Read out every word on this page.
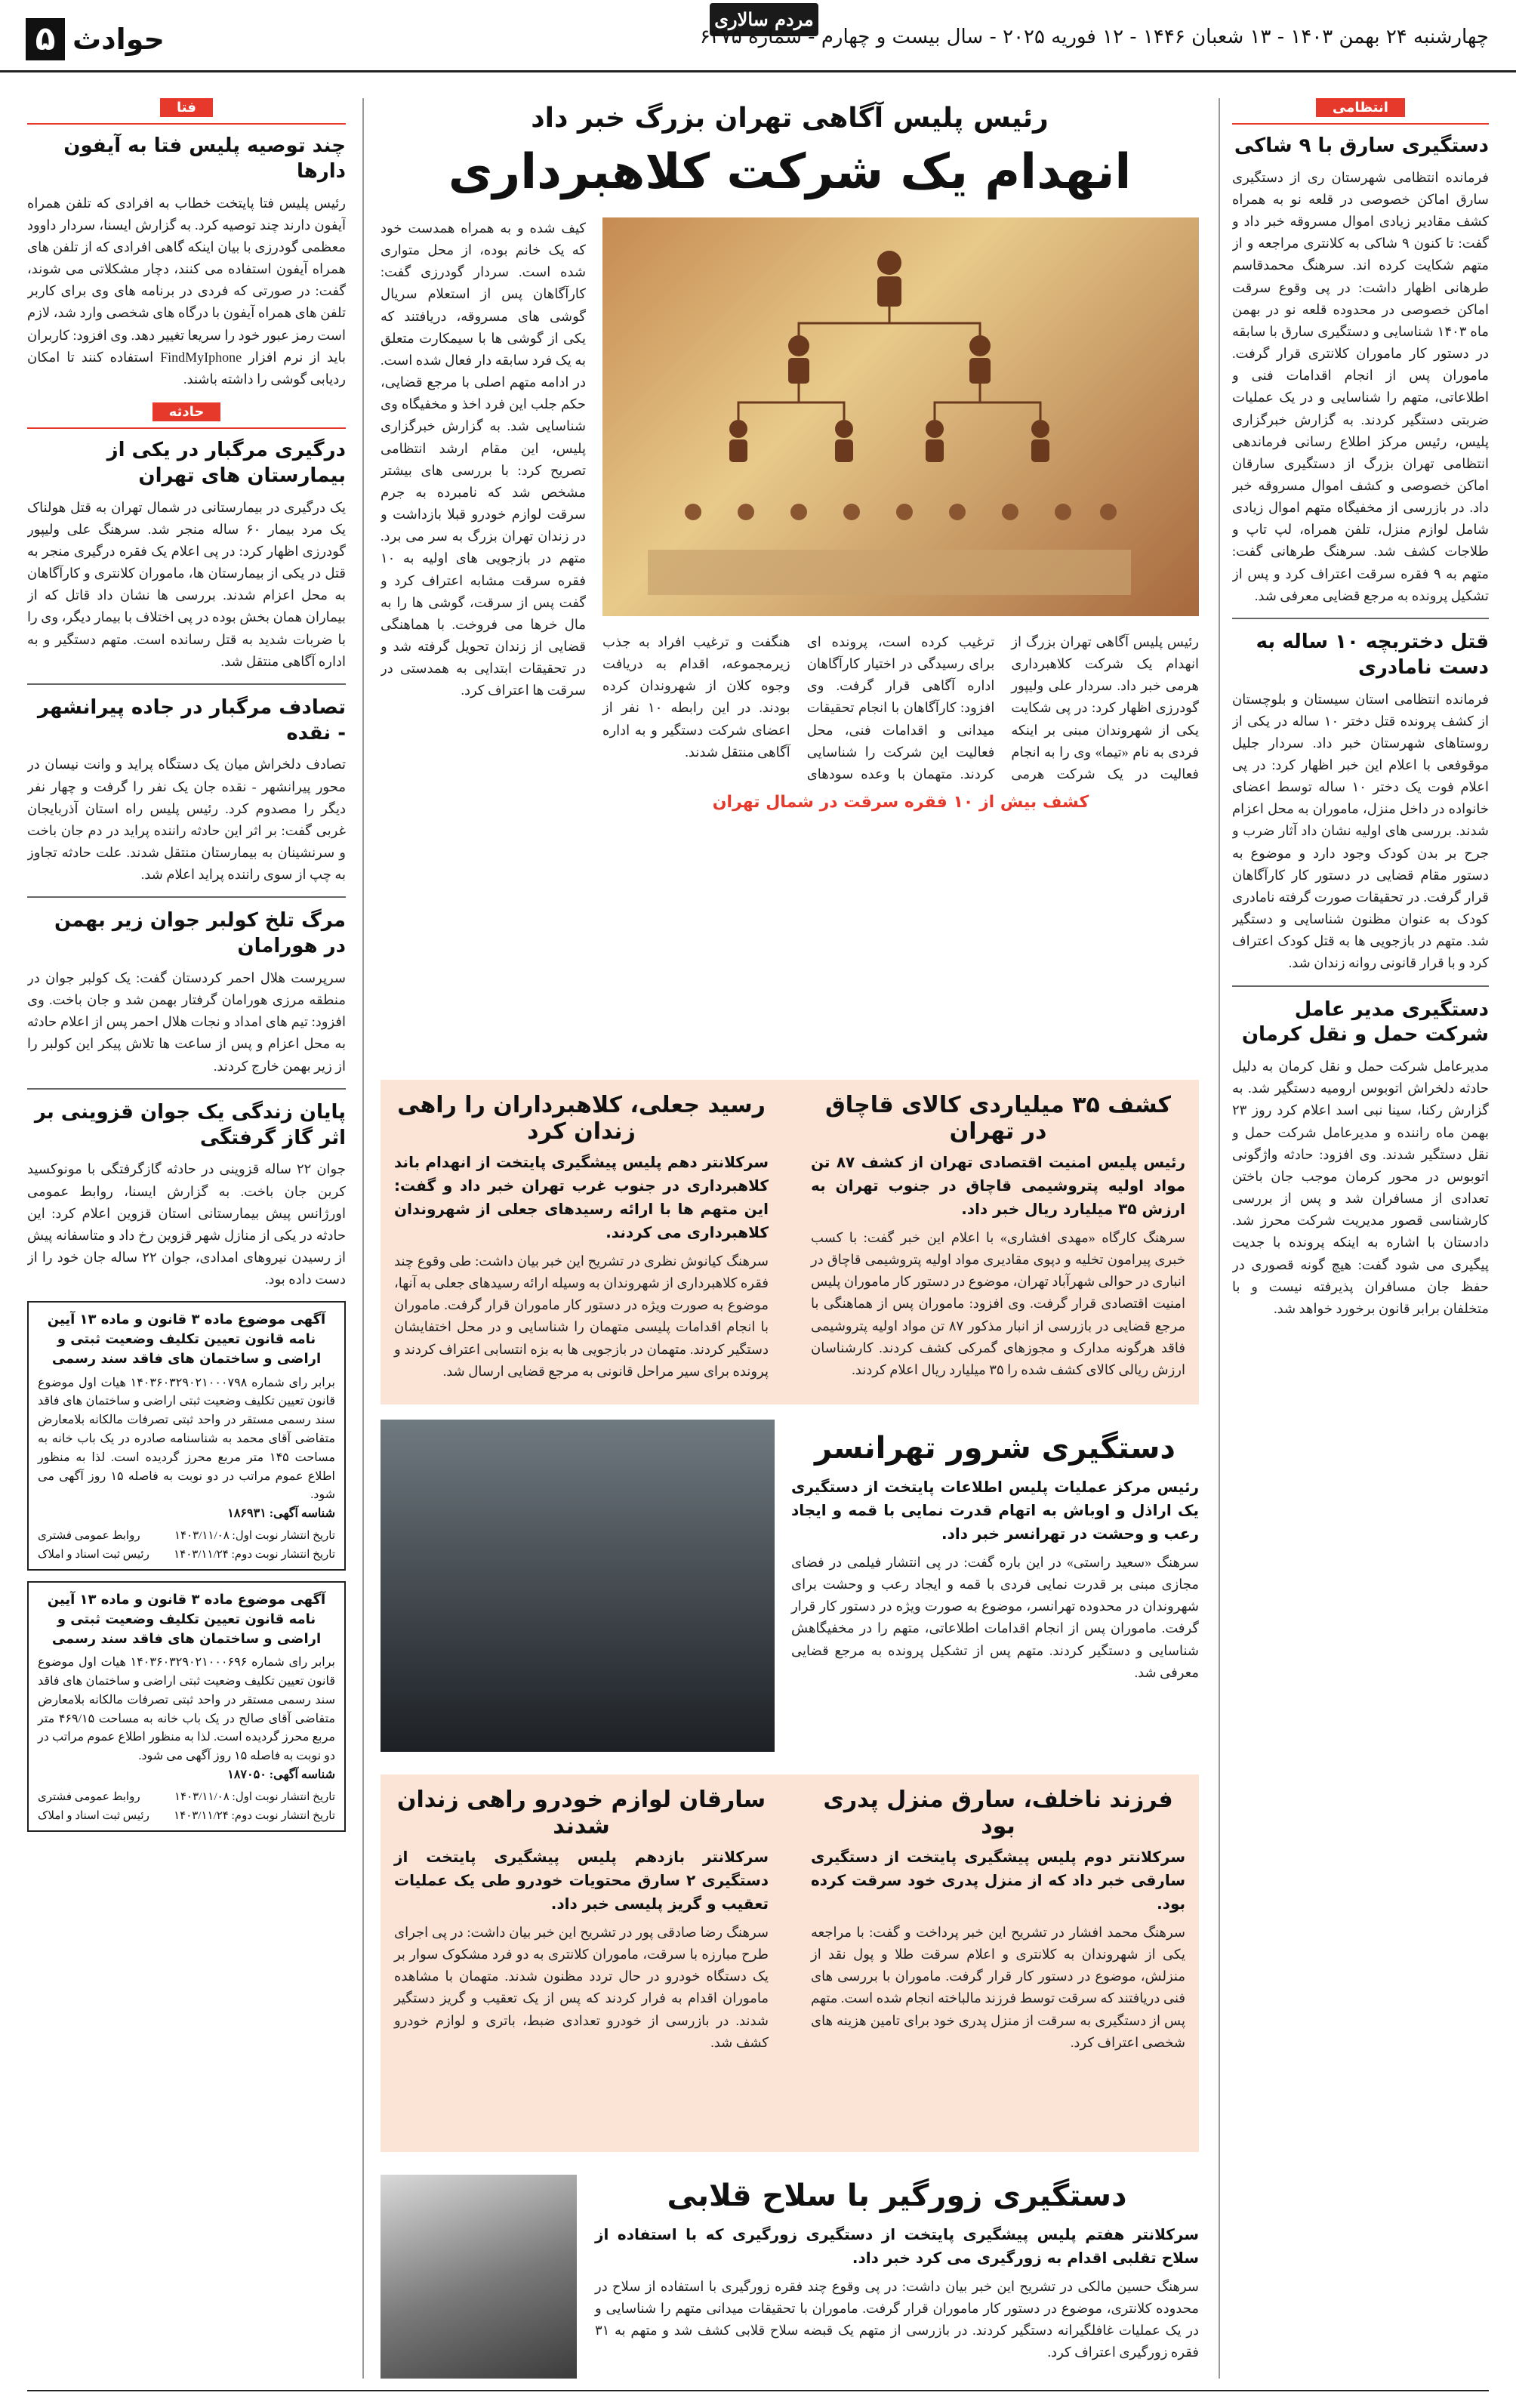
۵ حوادث
مردم سالاری
چهارشنبه ۲۴ بهمن ۱۴۰۳ - ۱۳ شعبان ۱۴۴۶ - ۱۲ فوریه ۲۰۲۵ - سال بیست و چهارم - شماره ۶۴۷۵
انتظامی
دستگیری سارق با ۹ شاکی
فرمانده انتظامی شهرستان ری از دستگیری سارق اماکن خصوصی در قلعه نو به همراه کشف مقادیر زیادی اموال مسروقه خبر داد و گفت: تا کنون ۹ شاکی به کلانتری مراجعه و از متهم شکایت کرده اند. سرهنگ محمدقاسم طرهانی اظهار داشت: در پی وقوع سرقت اماکن خصوصی در محدوده قلعه نو در بهمن ماه ۱۴۰۳ شناسایی و دستگیری سارق با سابقه در دستور کار ماموران کلانتری قرار گرفت. ماموران پس از انجام اقدامات فنی و اطلاعاتی، متهم را شناسایی و در یک عملیات ضربتی دستگیر کردند. به گزارش خبرگزاری پلیس، رئیس مرکز اطلاع رسانی فرماندهی انتظامی تهران بزرگ از دستگیری سارقان اماکن خصوصی و کشف اموال مسروقه خبر داد. در بازرسی از مخفیگاه متهم اموال زیادی شامل لوازم منزل، تلفن همراه، لپ تاپ و طلاجات کشف شد. سرهنگ طرهانی گفت: متهم به ۹ فقره سرقت اعتراف کرد و پس از تشکیل پرونده به مرجع قضایی معرفی شد.
قتل دختربچه ۱۰ ساله به دست نامادری
فرمانده انتظامی استان سیستان و بلوچستان از کشف پرونده قتل دختر ۱۰ ساله در یکی از روستاهای شهرستان خبر داد. سردار جلیل موقوفعی با اعلام این خبر اظهار کرد: در پی اعلام فوت یک دختر ۱۰ ساله توسط اعضای خانواده در داخل منزل، ماموران به محل اعزام شدند. بررسی های اولیه نشان داد آثار ضرب و جرح بر بدن کودک وجود دارد و موضوع به دستور مقام قضایی در دستور کار کارآگاهان قرار گرفت. در تحقیقات صورت گرفته نامادری کودک به عنوان مظنون شناسایی و دستگیر شد. متهم در بازجویی ها به قتل کودک اعتراف کرد و با قرار قانونی روانه زندان شد.
دستگیری مدیر عامل شرکت حمل و نقل کرمان
مدیرعامل شرکت حمل و نقل کرمان به دلیل حادثه دلخراش اتوبوس ارومیه دستگیر شد. به گزارش رکنا، سینا نبی اسد اعلام کرد روز ۲۳ بهمن ماه راننده و مدیرعامل شرکت حمل و نقل دستگیر شدند. وی افزود: حادثه واژگونی اتوبوس در محور کرمان موجب جان باختن تعدادی از مسافران شد و پس از بررسی کارشناسی قصور مدیریت شرکت محرز شد. دادستان با اشاره به اینکه پرونده با جدیت پیگیری می شود گفت: هیچ گونه قصوری در حفظ جان مسافران پذیرفته نیست و با متخلفان برابر قانون برخورد خواهد شد.
رئیس پلیس آگاهی تهران بزرگ خبر داد
انهدام یک شرکت کلاهبرداری
کیف شده و به همراه همدست خود که یک خانم بوده، از محل متواری شده است. سردار گودرزی گفت: کارآگاهان پس از استعلام سریال گوشی های مسروقه، دریافتند که یکی از گوشی ها با سیمکارت متعلق به یک فرد سابقه دار فعال شده است. در ادامه متهم اصلی با مرجع قضایی، حکم جلب این فرد اخذ و مخفیگاه وی شناسایی شد. به گزارش خبرگزاری پلیس، این مقام ارشد انتظامی تصریح کرد: با بررسی های بیشتر مشخص شد که نامبرده به جرم سرقت لوازم خودرو قبلا بازداشت و در زندان تهران بزرگ به سر می برد. متهم در بازجویی های اولیه به ۱۰ فقره سرقت مشابه اعتراف کرد و گفت پس از سرقت، گوشی ها را به مال خرها می فروخت. با هماهنگی قضایی از زندان تحویل گرفته شد و در تحقیقات ابتدایی به همدستی در سرقت ها اعتراف کرد.
رئیس پلیس آگاهی تهران بزرگ از انهدام یک شرکت کلاهبرداری هرمی خبر داد. سردار علی ولیپور گودرزی اظهار کرد: در پی شکایت یکی از شهروندان مبنی بر اینکه فردی به نام «تیما» وی را به انجام فعالیت در یک شرکت هرمی ترغیب کرده است، پرونده ای برای رسیدگی در اختیار کارآگاهان اداره آگاهی قرار گرفت. وی افزود: کارآگاهان با انجام تحقیقات میدانی و اقدامات فنی، محل فعالیت این شرکت را شناسایی کردند. متهمان با وعده سودهای هنگفت و ترغیب افراد به جذب زیرمجموعه، اقدام به دریافت وجوه کلان از شهروندان کرده بودند. در این رابطه ۱۰ نفر از اعضای شرکت دستگیر و به اداره آگاهی منتقل شدند.
کشف بیش از ۱۰ فقره سرقت در شمال تهران
کشف ۳۵ میلیاردی کالای قاچاق در تهران
رئیس پلیس امنیت اقتصادی تهران از کشف ۸۷ تن مواد اولیه پتروشیمی قاچاق در جنوب تهران به ارزش ۳۵ میلیارد ریال خبر داد.
سرهنگ کارگاه «مهدی افشاری» با اعلام این خبر گفت: با کسب خبری پیرامون تخلیه و دپوی مقادیری مواد اولیه پتروشیمی قاچاق در انباری در حوالی شهرآباد تهران، موضوع در دستور کار ماموران پلیس امنیت اقتصادی قرار گرفت. وی افزود: ماموران پس از هماهنگی با مرجع قضایی در بازرسی از انبار مذکور ۸۷ تن مواد اولیه پتروشیمی فاقد هرگونه مدارک و مجوزهای گمرکی کشف کردند. کارشناسان ارزش ریالی کالای کشف شده را ۳۵ میلیارد ریال اعلام کردند.
رسید جعلی، کلاهبرداران را راهی زندان کرد
سرکلانتر دهم پلیس پیشگیری پایتخت از انهدام باند کلاهبرداری در جنوب غرب تهران خبر داد و گفت: این متهم ها با ارائه رسیدهای جعلی از شهروندان کلاهبرداری می کردند.
سرهنگ کیانوش نظری در تشریح این خبر بیان داشت: طی وقوع چند فقره کلاهبرداری از شهروندان به وسیله ارائه رسیدهای جعلی به آنها، موضوع به صورت ویژه در دستور کار ماموران قرار گرفت. ماموران با انجام اقدامات پلیسی متهمان را شناسایی و در محل اختفایشان دستگیر کردند. متهمان در بازجویی ها به بزه انتسابی اعتراف کردند و پرونده برای سیر مراحل قانونی به مرجع قضایی ارسال شد.
دستگیری شرور تهرانسر
رئیس مرکز عملیات پلیس اطلاعات پایتخت از دستگیری یک اراذل و اوباش به اتهام قدرت نمایی با قمه و ایجاد رعب و وحشت در تهرانسر خبر داد.
سرهنگ «سعید راستی» در این باره گفت: در پی انتشار فیلمی در فضای مجازی مبنی بر قدرت نمایی فردی با قمه و ایجاد رعب و وحشت برای شهروندان در محدوده تهرانسر، موضوع به صورت ویژه در دستور کار قرار گرفت. ماموران پس از انجام اقدامات اطلاعاتی، متهم را در مخفیگاهش شناسایی و دستگیر کردند. متهم پس از تشکیل پرونده به مرجع قضایی معرفی شد.
فرزند ناخلف، سارق منزل پدری بود
سرکلانتر دوم پلیس پیشگیری پایتخت از دستگیری سارقی خبر داد که از منزل پدری خود سرقت کرده بود.
سرهنگ محمد افشار در تشریح این خبر پرداخت و گفت: با مراجعه یکی از شهروندان به کلانتری و اعلام سرقت طلا و پول نقد از منزلش، موضوع در دستور کار قرار گرفت. ماموران با بررسی های فنی دریافتند که سرقت توسط فرزند مالباخته انجام شده است. متهم پس از دستگیری به سرقت از منزل پدری خود برای تامین هزینه های شخصی اعتراف کرد.
سارقان لوازم خودرو راهی زندان شدند
سرکلانتر بازدهم پلیس پیشگیری پایتخت از دستگیری ۲ سارق محتویات خودرو طی یک عملیات تعقیب و گریز پلیسی خبر داد.
سرهنگ رضا صادقی پور در تشریح این خبر بیان داشت: در پی اجرای طرح مبارزه با سرقت، ماموران کلانتری به دو فرد مشکوک سوار بر یک دستگاه خودرو در حال تردد مظنون شدند. متهمان با مشاهده ماموران اقدام به فرار کردند که پس از یک تعقیب و گریز دستگیر شدند. در بازرسی از خودرو تعدادی ضبط، باتری و لوازم خودرو کشف شد.
دستگیری زورگیر با سلاح قلابی
سرکلانتر هفتم پلیس پیشگیری پایتخت از دستگیری زورگیری که با استفاده از سلاح تقلبی اقدام به زورگیری می کرد خبر داد.
سرهنگ حسین مالکی در تشریح این خبر بیان داشت: در پی وقوع چند فقره زورگیری با استفاده از سلاح در محدوده کلانتری، موضوع در دستور کار ماموران قرار گرفت. ماموران با تحقیقات میدانی متهم را شناسایی و در یک عملیات غافلگیرانه دستگیر کردند. در بازرسی از متهم یک قبضه سلاح قلابی کشف شد و متهم به ۳۱ فقره زورگیری اعتراف کرد.
فتا
چند توصیه پلیس فتا به آیفون دارها
رئیس پلیس فتا پایتخت خطاب به افرادی که تلفن همراه آیفون دارند چند توصیه کرد. به گزارش ایسنا، سردار داوود معظمی گودرزی با بیان اینکه گاهی افرادی که از تلفن های همراه آیفون استفاده می کنند، دچار مشکلاتی می شوند، گفت: در صورتی که فردی در برنامه های وی برای کاربر تلفن های همراه آیفون با درگاه های شخصی وارد شد، لازم است رمز عبور خود را سریعا تغییر دهد. وی افزود: کاربران باید از نرم افزار FindMyIphone استفاده کنند تا امکان ردیابی گوشی را داشته باشند.
حادثه
درگیری مرگبار در یکی از بیمارستان های تهران
یک درگیری در بیمارستانی در شمال تهران به قتل هولناک یک مرد بیمار ۶۰ ساله منجر شد. سرهنگ علی ولیپور گودرزی اظهار کرد: در پی اعلام یک فقره درگیری منجر به قتل در یکی از بیمارستان ها، ماموران کلانتری و کارآگاهان به محل اعزام شدند. بررسی ها نشان داد قاتل که از بیماران همان بخش بوده در پی اختلاف با بیمار دیگر، وی را با ضربات شدید به قتل رسانده است. متهم دستگیر و به اداره آگاهی منتقل شد.
تصادف مرگبار در جاده پیرانشهر - نقده
تصادف دلخراش میان یک دستگاه پراید و وانت نیسان در محور پیرانشهر - نقده جان یک نفر را گرفت و چهار نفر دیگر را مصدوم کرد. رئیس پلیس راه استان آذربایجان غربی گفت: بر اثر این حادثه راننده پراید در دم جان باخت و سرنشینان به بیمارستان منتقل شدند. علت حادثه تجاوز به چپ از سوی راننده پراید اعلام شد.
مرگ تلخ کولبر جوان زیر بهمن در هورامان
سرپرست هلال احمر کردستان گفت: یک کولبر جوان در منطقه مرزی هورامان گرفتار بهمن شد و جان باخت. وی افزود: تیم های امداد و نجات هلال احمر پس از اعلام حادثه به محل اعزام و پس از ساعت ها تلاش پیکر این کولبر را از زیر بهمن خارج کردند.
پایان زندگی یک جوان قزوینی بر اثر گاز گرفتگی
جوان ۲۲ ساله قزوینی در حادثه گازگرفتگی با مونوکسید کربن جان باخت. به گزارش ایسنا، روابط عمومی اورژانس پیش بیمارستانی استان قزوین اعلام کرد: این حادثه در یکی از منازل شهر قزوین رخ داد و متاسفانه پیش از رسیدن نیروهای امدادی، جوان ۲۲ ساله جان خود را از دست داده بود.
آگهی موضوع ماده ۳ قانون و ماده ۱۳ آیین نامه قانون تعیین تکلیف وضعیت ثبتی و اراضی و ساختمان های فاقد سند رسمی
برابر رای شماره ۱۴۰۳۶۰۳۲۹۰۲۱۰۰۰۷۹۸ هیات اول موضوع قانون تعیین تکلیف وضعیت ثبتی اراضی و ساختمان های فاقد سند رسمی مستقر در واحد ثبتی تصرفات مالکانه بلامعارض متقاضی آقای محمد به شناسنامه صادره در یک باب خانه به مساحت ۱۴۵ متر مربع محرز گردیده است. لذا به منظور اطلاع عموم مراتب در دو نوبت به فاصله ۱۵ روز آگهی می شود.
شناسه آگهی: ۱۸۶۹۳۱
تاریخ انتشار نوبت اول: ۱۴۰۳/۱۱/۰۸
روابط عمومی فشتری
تاریخ انتشار نوبت دوم: ۱۴۰۳/۱۱/۲۴
رئیس ثبت اسناد و املاک
آگهی موضوع ماده ۳ قانون و ماده ۱۳ آیین نامه قانون تعیین تکلیف وضعیت ثبتی و اراضی و ساختمان های فاقد سند رسمی
برابر رای شماره ۱۴۰۳۶۰۳۲۹۰۲۱۰۰۰۶۹۶ هیات اول موضوع قانون تعیین تکلیف وضعیت ثبتی اراضی و ساختمان های فاقد سند رسمی مستقر در واحد ثبتی تصرفات مالکانه بلامعارض متقاضی آقای صالح در یک باب خانه به مساحت ۴۶۹/۱۵ متر مربع محرز گردیده است. لذا به منظور اطلاع عموم مراتب در دو نوبت به فاصله ۱۵ روز آگهی می شود.
شناسه آگهی: ۱۸۷۰۵۰
تاریخ انتشار نوبت اول: ۱۴۰۳/۱۱/۰۸
روابط عمومی فشتری
تاریخ انتشار نوبت دوم: ۱۴۰۳/۱۱/۲۴
رئیس ثبت اسناد و املاک
